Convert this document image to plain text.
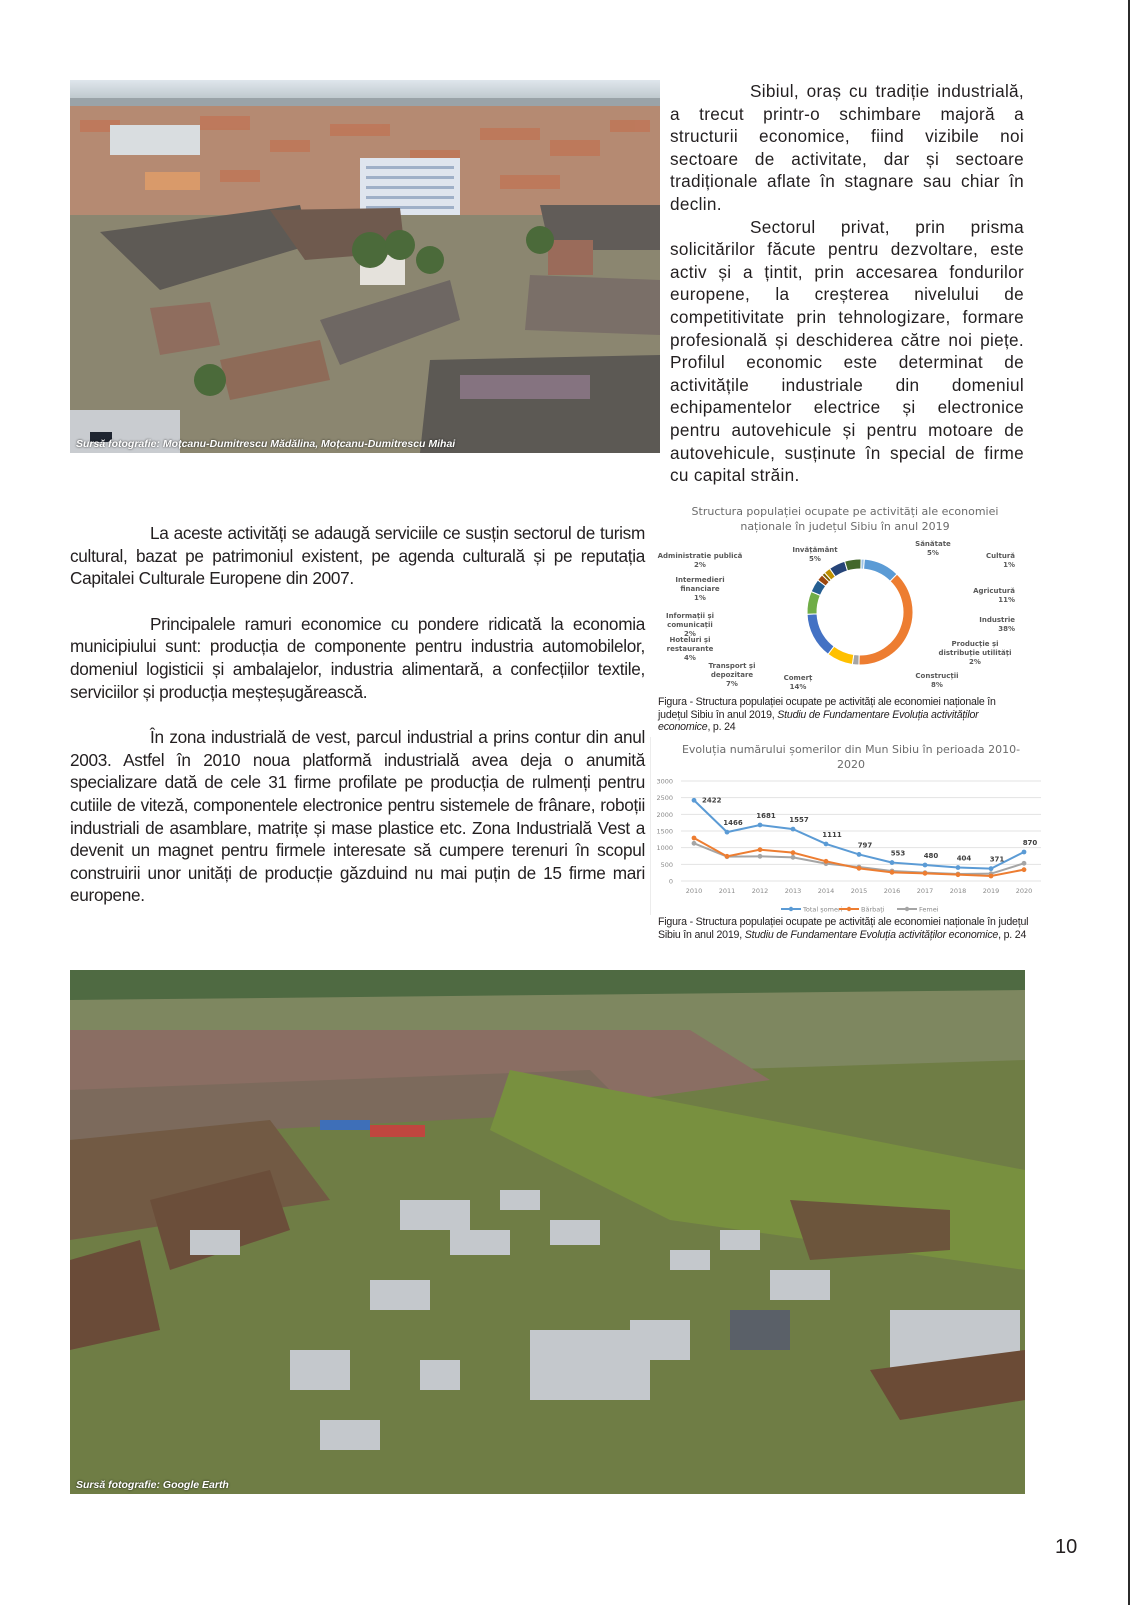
Sursă fotografie: Moțcanu-Dumitrescu Mădălina, Moțcanu-Dumitrescu Mihai

Sibiul, oraș cu tradiție industrială, a trecut printr-o schimbare majoră a structurii economice, fiind vizibile noi sectoare de activitate, dar și sectoare tradiționale aflate în stagnare sau chiar în declin.

Sectorul privat, prin prisma solicitărilor făcute pentru dezvoltare, este activ și a țintit, prin accesarea fondurilor europene, la creșterea nivelului de competitivitate prin tehnologizare, formare profesională și deschiderea către noi piețe. Profilul economic este determinat de activitățile industriale din domeniul echipamentelor electrice și electronice pentru autovehicule și pentru motoare de autovehicule, susținute în special de firme cu capital străin.

La aceste activități se adaugă serviciile ce susțin sectorul de turism cultural, bazat pe patrimoniul existent, pe agenda culturală și pe reputația Capitalei Culturale Europene din 2007.

Principalele ramuri economice cu pondere ridicată la economia municipiului sunt: producția de componente pentru industria automobilelor, domeniul logisticii și ambalajelor, industria alimentară, a confecțiilor textile, serviciilor și producția meșteșugărească.

În zona industrială de vest, parcul industrial a prins contur din anul 2003. Astfel în 2010 noua platformă industrială avea deja o anumită specializare dată de cele 31 firme profilate pe producția de rulmenți pentru cutiile de viteză, componentele electronice pentru sistemele de frânare, roboții industriali de asamblare, matrițe și mase plastice etc. Zona Industrială Vest a devenit un magnet pentru firmele interesate să cumpere terenuri în scopul construirii unor unități de producție găzduind nu mai puțin de 15 firme mari europene.

Structura populației ocupate pe activități ale economiei
naționale în județul Sibiu în anul 2019
Sănătate
5%	Cultură
1%
Agricutură
11%
Industrie
38%
Producție și
distribuție utilități
2%
Construcții
8%
Comerț
14%
Transport și
depozitare
7%
Hoteluri și
restaurante
4%
Informații și
comunicații
2%
Intermedieri
financiare
1%
Administratie publică
2%
Invățământ
5%
Figura - Structura populației ocupate pe activități ale economiei naționale în județul Sibiu în anul 2019, Studiu de Fundamentare Evoluția activităților economice, p. 24
Evoluția numărului șomerilor din Mun Sibiu în perioada 2010-
2020
0
500
1000
1500
2000
2500
3000
2010	2011	2012	2013	2014	2015	2016	2017	2018	2019	2020
2422
1466
1681
1557
1111
797
553	480	404	371
870
Total șomeri	Bărbați	Femei
Figura - Structura populației ocupate pe activități ale economiei naționale în județul Sibiu în anul 2019, Studiu de Fundamentare Evoluția activităților economice, p. 24
Sursă fotografie: Google Earth
10
